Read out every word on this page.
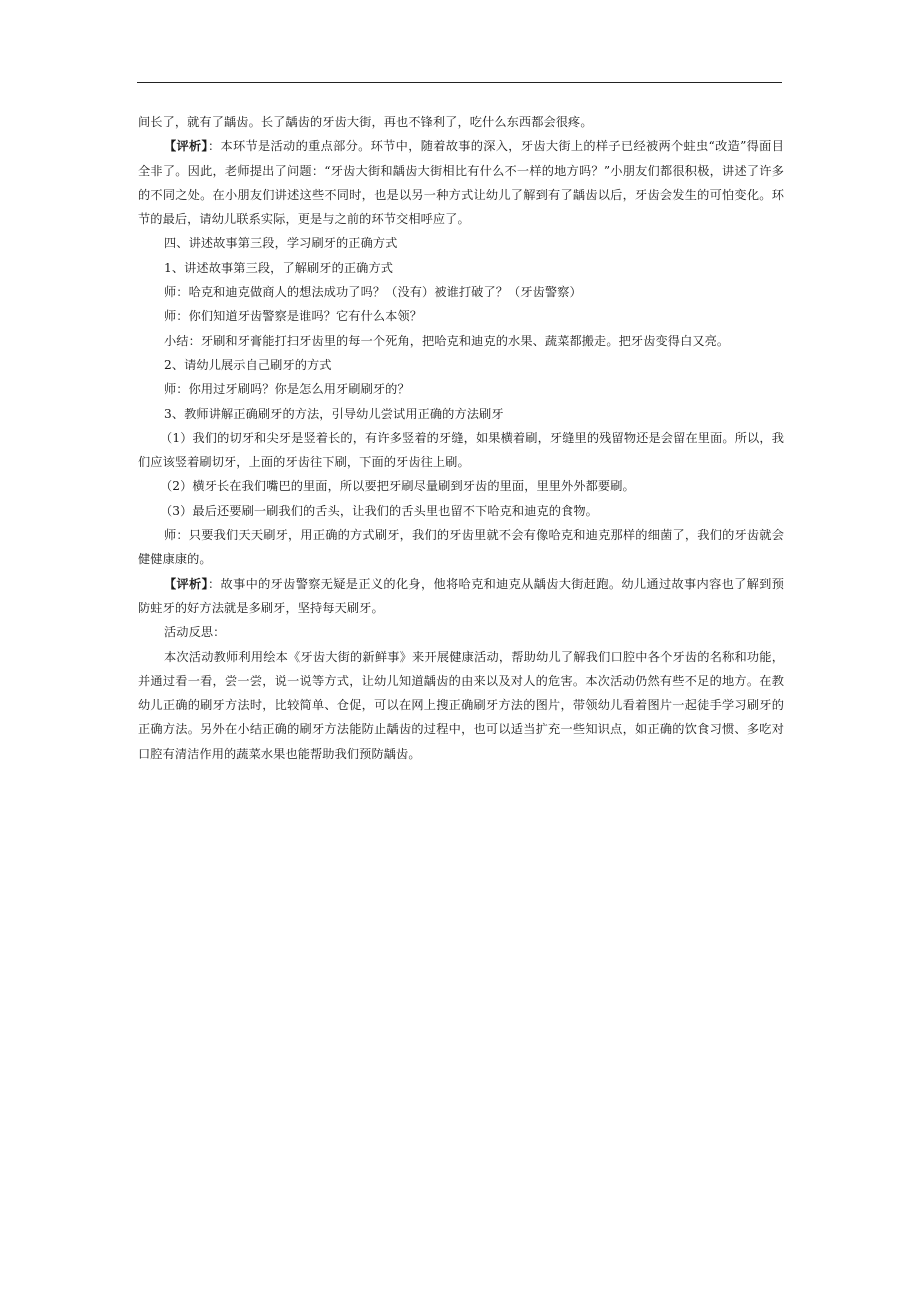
间长了，就有了龋齿。长了龋齿的牙齿大街，再也不锋利了，吃什么东西都会很疼。

【评析】：本环节是活动的重点部分。环节中，随着故事的深入，牙齿大街上的样子已经被两个蛀虫“改造”得面目全非了。因此，老师提出了问题：“牙齿大街和龋齿大街相比有什么不一样的地方吗？”小朋友们都很积极，讲述了许多的不同之处。在小朋友们讲述这些不同时，也是以另一种方式让幼儿了解到有了龋齿以后，牙齿会发生的可怕变化。环节的最后，请幼儿联系实际，更是与之前的环节交相呼应了。

四、讲述故事第三段，学习刷牙的正确方式

1、讲述故事第三段，了解刷牙的正确方式

师：哈克和迪克做商人的想法成功了吗？（没有）被谁打破了？（牙齿警察）

师：你们知道牙齿警察是谁吗？它有什么本领？

小结：牙刷和牙膏能打扫牙齿里的每一个死角，把哈克和迪克的水果、蔬菜都搬走。把牙齿变得白又亮。

2、请幼儿展示自己刷牙的方式

师：你用过牙刷吗？你是怎么用牙刷刷牙的？

3、教师讲解正确刷牙的方法，引导幼儿尝试用正确的方法刷牙

（1）我们的切牙和尖牙是竖着长的，有许多竖着的牙缝，如果横着刷，牙缝里的残留物还是会留在里面。所以，我们应该竖着刷切牙，上面的牙齿往下刷，下面的牙齿往上刷。

（2）横牙长在我们嘴巴的里面，所以要把牙刷尽量刷到牙齿的里面，里里外外都要刷。

（3）最后还要刷一刷我们的舌头，让我们的舌头里也留不下哈克和迪克的食物。

师：只要我们天天刷牙，用正确的方式刷牙，我们的牙齿里就不会有像哈克和迪克那样的细菌了，我们的牙齿就会健健康康的。

【评析】：故事中的牙齿警察无疑是正义的化身，他将哈克和迪克从龋齿大街赶跑。幼儿通过故事内容也了解到预防蛀牙的好方法就是多刷牙，坚持每天刷牙。

活动反思：

本次活动教师利用绘本《牙齿大街的新鲜事》来开展健康活动，帮助幼儿了解我们口腔中各个牙齿的名称和功能，并通过看一看，尝一尝，说一说等方式，让幼儿知道龋齿的由来以及对人的危害。本次活动仍然有些不足的地方。在教幼儿正确的刷牙方法时，比较简单、仓促，可以在网上搜正确刷牙方法的图片，带领幼儿看着图片一起徒手学习刷牙的正确方法。另外在小结正确的刷牙方法能防止龋齿的过程中，也可以适当扩充一些知识点，如正确的饮食习惯、多吃对口腔有清洁作用的蔬菜水果也能帮助我们预防龋齿。
